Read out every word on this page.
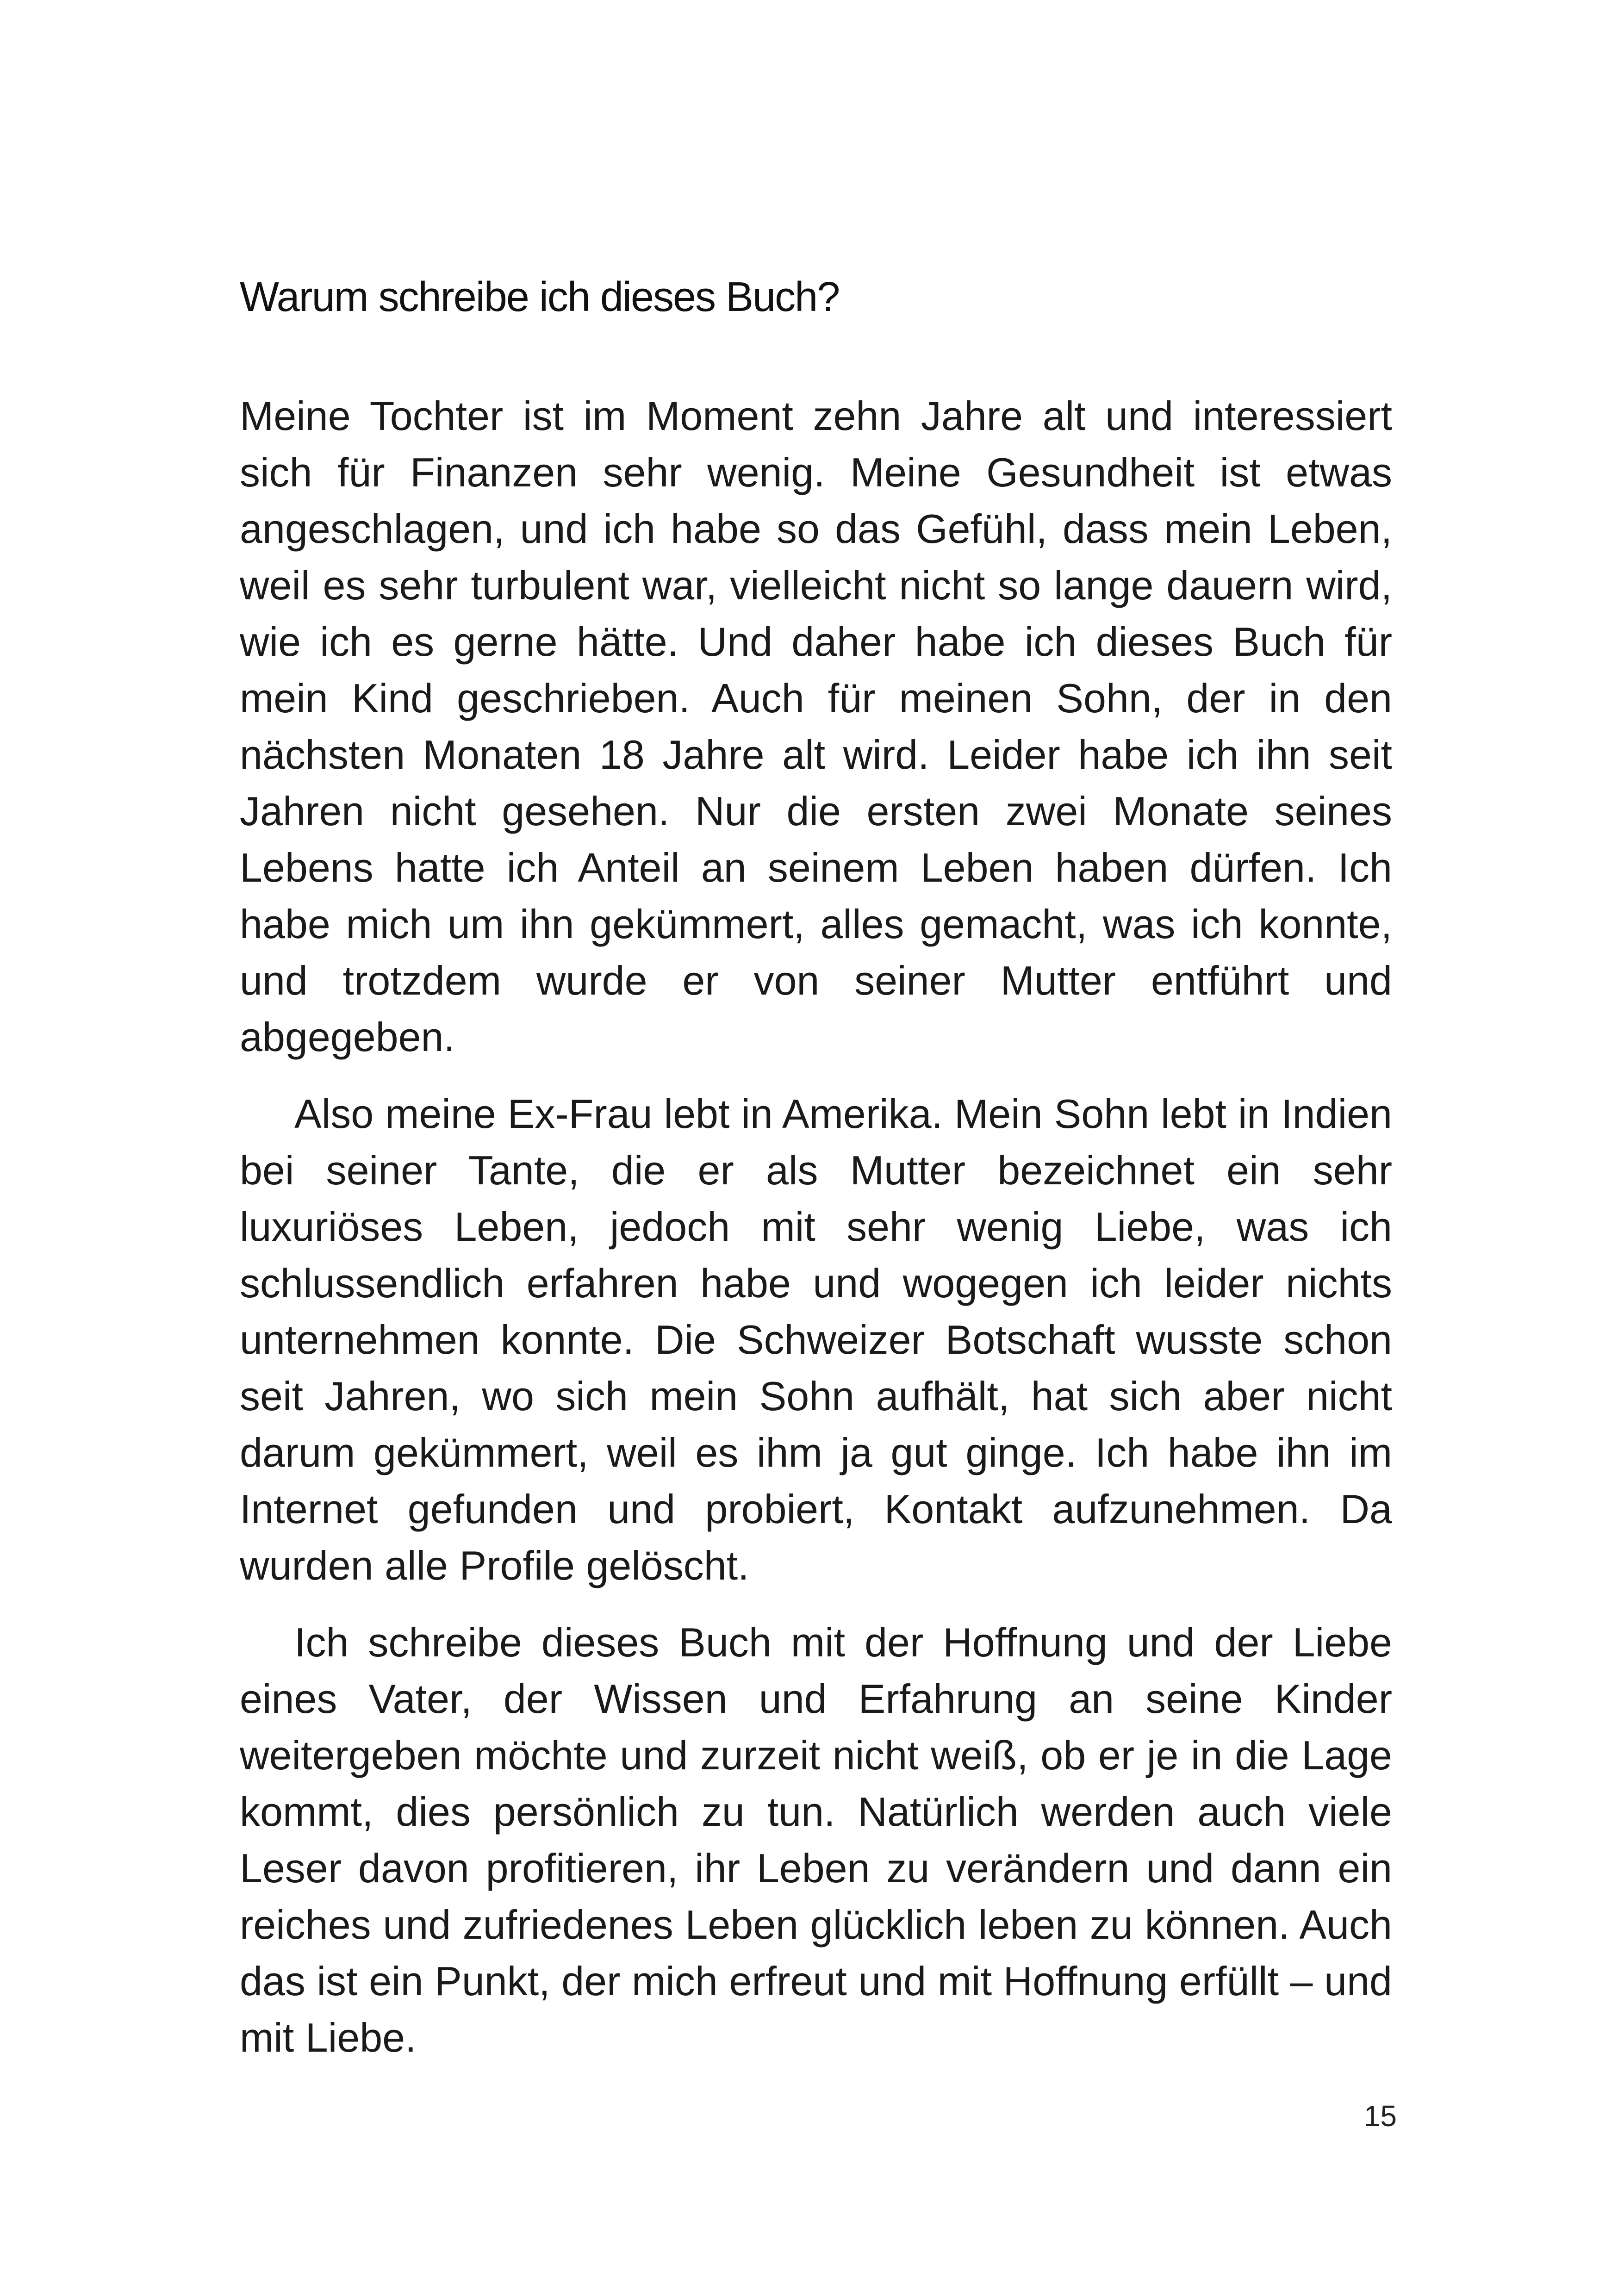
Warum schreibe ich dieses Buch?

Meine Tochter ist im Moment zehn Jahre alt und interessiert sich für Finanzen sehr wenig. Meine Gesundheit ist etwas angeschlagen, und ich habe so das Gefühl, dass mein Leben, weil es sehr turbulent war, vielleicht nicht so lange dauern wird, wie ich es gerne hätte. Und daher habe ich dieses Buch für mein Kind geschrieben. Auch für meinen Sohn, der in den nächsten Monaten 18 Jahre alt wird. Leider habe ich ihn seit Jahren nicht gesehen. Nur die ersten zwei Monate seines Lebens hatte ich Anteil an seinem Leben haben dürfen. Ich habe mich um ihn gekümmert, alles gemacht, was ich konnte, und trotzdem wurde er von seiner Mutter entführt und abgegeben.

Also meine Ex-Frau lebt in Amerika. Mein Sohn lebt in Indien bei seiner Tante, die er als Mutter bezeichnet ein sehr luxuriöses Leben, jedoch mit sehr wenig Liebe, was ich schlussendlich erfahren habe und wogegen ich leider nichts unternehmen konnte. Die Schweizer Botschaft wusste schon seit Jahren, wo sich mein Sohn aufhält, hat sich aber nicht darum gekümmert, weil es ihm ja gut ginge. Ich habe ihn im Internet gefunden und probiert, Kontakt aufzunehmen. Da wurden alle Profile gelöscht.

Ich schreibe dieses Buch mit der Hoffnung und der Liebe eines Vater, der Wissen und Erfahrung an seine Kinder weitergeben möchte und zurzeit nicht weiß, ob er je in die Lage kommt, dies persönlich zu tun. Natürlich werden auch viele Leser davon profitieren, ihr Leben zu verändern und dann ein reiches und zufriedenes Leben glücklich leben zu können. Auch das ist ein Punkt, der mich erfreut und mit Hoffnung erfüllt – und mit Liebe.

15
